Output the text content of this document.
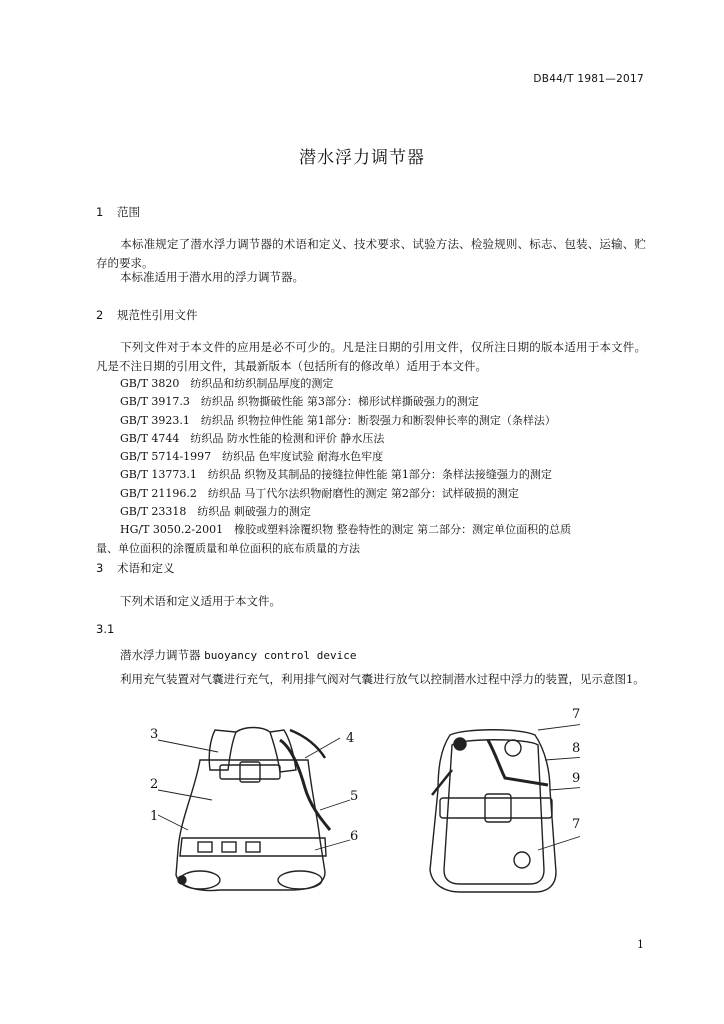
DB44/T 1981—2017
潜水浮力调节器
1 范围
本标准规定了潜水浮力调节器的术语和定义、技术要求、试验方法、检验规则、标志、包装、运输、贮存的要求。
本标准适用于潜水用的浮力调节器。
2 规范性引用文件
下列文件对于本文件的应用是必不可少的。凡是注日期的引用文件，仅所注日期的版本适用于本文件。凡是不注日期的引用文件，其最新版本（包括所有的修改单）适用于本文件。
GB/T 3820　纺织品和纺织制品厚度的测定
GB/T 3917.3　纺织品 织物撕破性能 第3部分：梯形试样撕破强力的测定
GB/T 3923.1　纺织品 织物拉伸性能 第1部分：断裂强力和断裂伸长率的测定（条样法）
GB/T 4744　纺织品 防水性能的检测和评价 静水压法
GB/T 5714-1997　纺织品 色牢度试验 耐海水色牢度
GB/T 13773.1　纺织品 织物及其制品的接缝拉伸性能 第1部分：条样法接缝强力的测定
GB/T 21196.2　纺织品 马丁代尔法织物耐磨性的测定 第2部分：试样破损的测定
GB/T 23318　纺织品 刺破强力的测定
HG/T 3050.2-2001　橡胶或塑料涂覆织物 整卷特性的测定 第二部分：测定单位面积的总质
量、单位面积的涂覆质量和单位面积的底布质量的方法
3 术语和定义
下列术语和定义适用于本文件。
3.1
潜水浮力调节器 buoyancy control device
利用充气装置对气囊进行充气，利用排气阀对气囊进行放气以控制潜水过程中浮力的装置，见示意图1。
3	4
2
5
1
6
7
8
9
7
1
